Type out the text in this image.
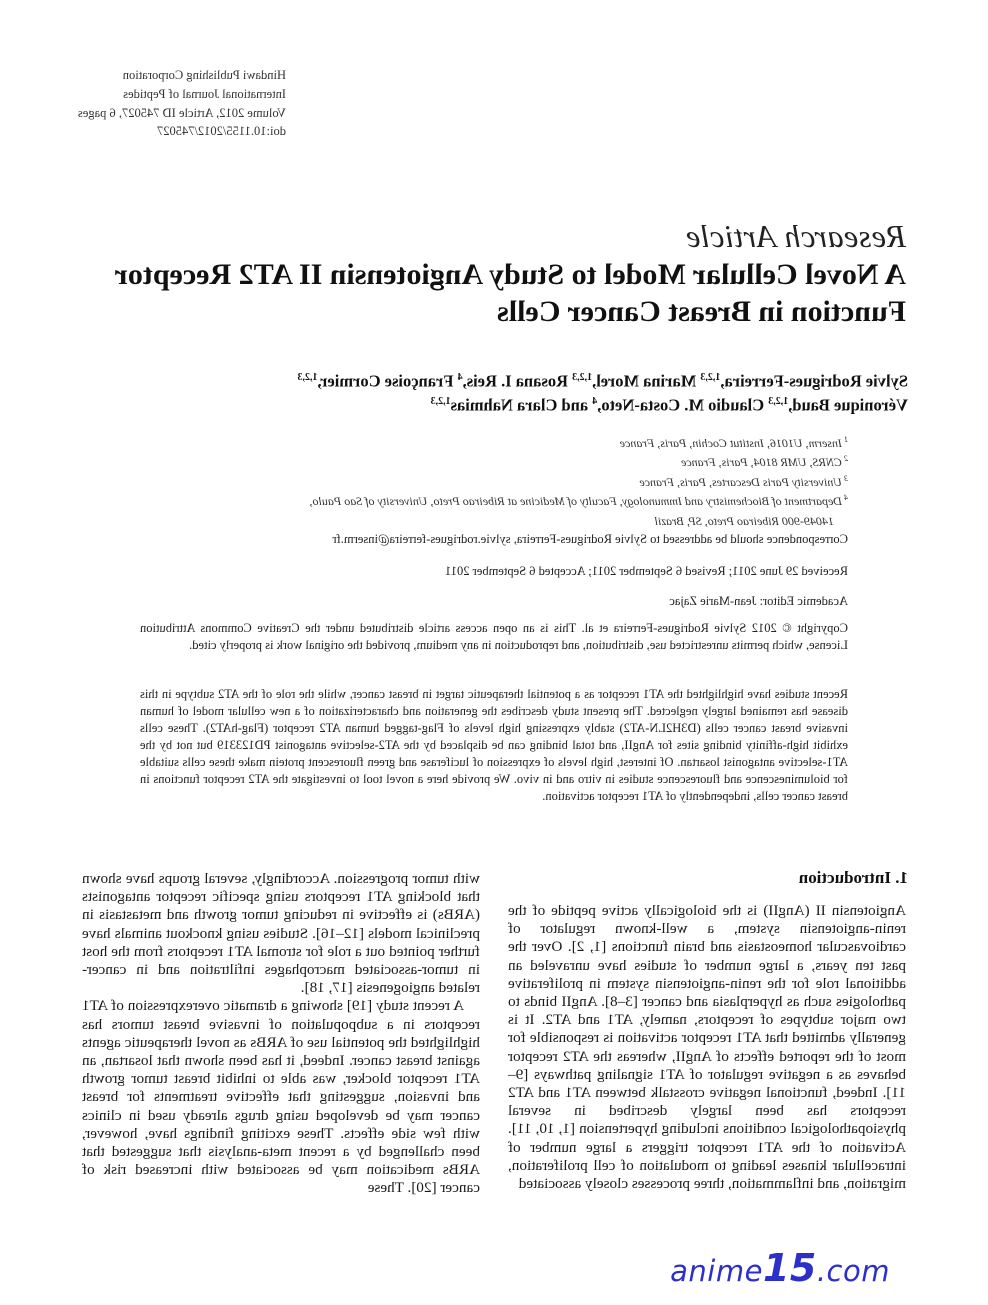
Hindawi Publishing Corporation
International Journal of Peptides
Volume 2012, Article ID 745027, 6 pages
doi:10.1155/2012/745027
Research Article
A Novel Cellular Model to Study Angiotensin II AT2 Receptor Function in Breast Cancer Cells
Sylvie Rodrigues-Ferreira,$^{1,2,3}$ Marina Morel,$^{1,2,3}$ Rosana I. Reis,$^4$ Françoise Cormier,$^{1,2,3}$
Véronique Baud,$^{1,2,3}$ Claudio M. Costa-Neto,$^4$ and Clara Nahmias$^{1,2,3}$
$^1$Inserm, U1016, Institut Cochin, Paris, France
$^2$CNRS, UMR 8104, Paris, France
$^3$University Paris Descartes, Paris, France
$^4$Department of Biochemistry and Immunology, Faculty of Medicine at Ribeirao Preto, University of Sao Paulo,
14049-900 Ribeirao Preto, SP, Brazil
Correspondence should be addressed to Sylvie Rodrigues-Ferreira, sylvie.rodrigues-ferreira@inserm.fr
Received 29 June 2011; Revised 6 September 2011; Accepted 6 September 2011
Academic Editor: Jean-Marie Zajac
Copyright © 2012 Sylvie Rodrigues-Ferreira et al. This is an open access article distributed under the Creative Commons Attribution License, which permits unrestricted use, distribution, and reproduction in any medium, provided the original work is properly cited.
Recent studies have highlighted the AT1 receptor as a potential therapeutic target in breast cancer, while the role of the AT2 subtype in this disease has remained largely neglected. The present study describes the generation and characterization of a new cellular model of human invasive breast cancer cells (D3H2LN-AT2) stably expressing high levels of Flag-tagged human AT2 receptor (Flag-hAT2). These cells exhibit high-affinity binding sites for AngII, and total binding can be displaced by the AT2-selective antagonist PD123319 but not by the AT1-selective antagonist losartan. Of interest, high levels of expression of luciferase and green fluorescent protein make these cells suitable for bioluminescence and fluorescence studies in vitro and in vivo. We provide here a novel tool to investigate the AT2 receptor functions in breast cancer cells, independently of AT1 receptor activation.
1. Introduction

Angiotensin II (AngII) is the biologically active peptide of the renin-angiotensin system, a well-known regulator of cardiovascular homeostasis and brain functions [1, 2]. Over the past ten years, a large number of studies have unraveled an additional role for the renin-angiotensin system in proliferative pathologies such as hyperplasia and cancer [3–8]. AngII binds to two major subtypes of receptors, namely, AT1 and AT2. It is generally admitted that AT1 receptor activation is responsible for most of the reported effects of AngII, whereas the AT2 receptor behaves as a negative regulator of AT1 signaling pathways [9–11]. Indeed, functional negative crosstalk between AT1 and AT2 receptors has been largely described in several physiopathological conditions including hypertension [1, 10, 11]. Activation of the AT1 receptor triggers a large number of intracellular kinases leading to modulation of cell proliferation, migration, and inflammation, three processes closely associated

with tumor progression. Accordingly, several groups have shown that blocking AT1 receptors using specific receptor antagonists (ARBs) is effective in reducing tumor growth and metastasis in preclinical models [12–16]. Studies using knockout animals have further pointed out a role for stromal AT1 receptors from the host in tumor-associated macrophages infiltration and in cancer-related angiogenesis [17, 18].

A recent study [19] showing a dramatic overexpression of AT1 receptors in a subpopulation of invasive breast tumors has highlighted the potential use of ARBs as novel therapeutic agents against breast cancer. Indeed, it has been shown that losartan, an AT1 receptor blocker, was able to inhibit breast tumor growth and invasion, suggesting that effective treatments for breast cancer may be developed using drugs already used in clinics with few side effects. These exciting findings have, however, been challenged by a recent meta-analysis that suggested that ARBs medication may be associated with increased risk of cancer [20]. These

anime15.com
